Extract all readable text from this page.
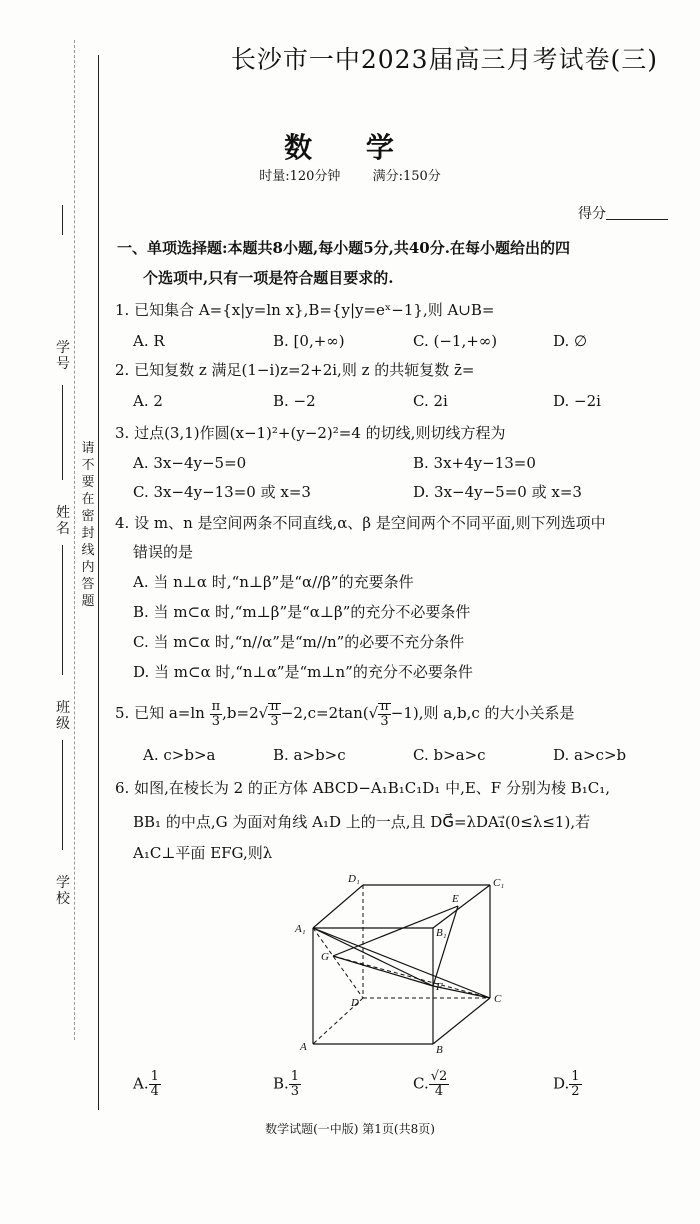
学号
姓名
班级
学校
请不要在密封线内答题
长沙市一中2023届高三月考试卷(三)
数 学
时量:120分钟 满分:150分
得分
一、单项选择题:本题共8小题,每小题5分,共40分.在每小题给出的四
个选项中,只有一项是符合题目要求的.
1. 已知集合 A={x|y=ln x},B={y|y=eˣ−1},则 A∪B=
A. R	B. [0,+∞)	C. (−1,+∞)	D. ∅
2. 已知复数 z 满足(1−i)z=2+2i,则 z 的共轭复数 z̄=
A. 2	B. −2	C. 2i	D. −2i
3. 过点(3,1)作圆(x−1)²+(y−2)²=4 的切线,则切线方程为
A. 3x−4y−5=0	B. 3x+4y−13=0
C. 3x−4y−13=0 或 x=3	D. 3x−4y−5=0 或 x=3
4. 设 m、n 是空间两条不同直线,α、β 是空间两个不同平面,则下列选项中
错误的是
A. 当 n⊥α 时,“n⊥β”是“α//β”的充要条件
B. 当 m⊂α 时,“m⊥β”是“α⊥β”的充分不必要条件
C. 当 m⊂α 时,“n//α”是“m//n”的必要不充分条件
D. 当 m⊂α 时,“n⊥α”是“m⊥n”的充分不必要条件
5. 已知 $a=\ln \frac{\pi}{3} ,b=2√ \frac{\pi}{3} -2,c=2\tan(√ \frac{\pi}{3} -1)$,则 a,b,c 的大小关系是
A. c>b>a	B. a>b>c	C. b>a>c	D. a>c>b
6. 如图,在棱长为 2 的正方体 ABCD−A₁B₁C₁D₁ 中,E、F 分别为棱 B₁C₁,
BB₁ 的中点,G 为面对角线 A₁D 上的一点,且 DG⃗=λDA₁⃗(0≤λ≤1),若
A₁C⊥平面 EFG,则λ
D₁	C₁
E
A₁	B₁
G
F
D	C
A	B
A. $\frac{1}{4}$	B. $\frac{1}{3}$	C. $\frac{√2}{4}$	D. $\frac{1}{2}$
数学试题(一中版) 第1页(共8页)
